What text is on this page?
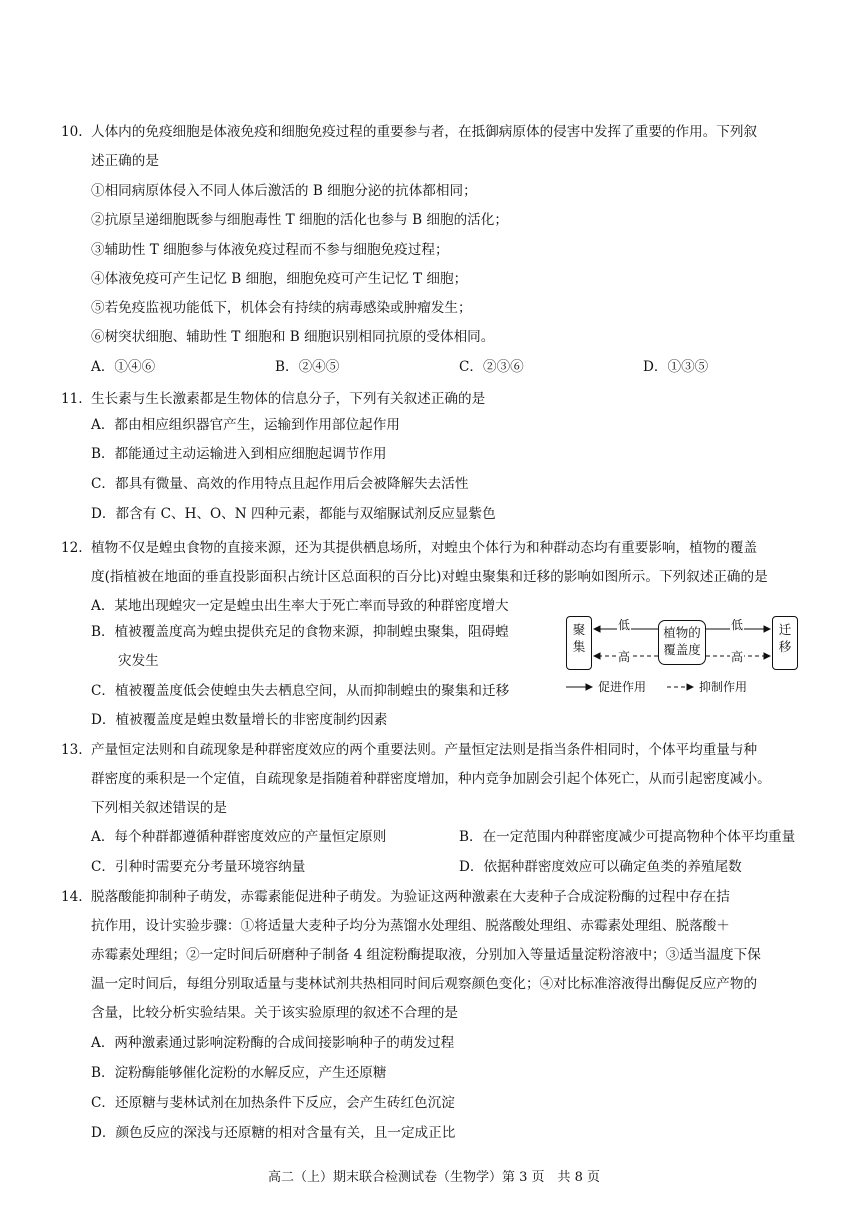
10. 人体内的免疫细胞是体液免疫和细胞免疫过程的重要参与者，在抵御病原体的侵害中发挥了重要的作用。下列叙
述正确的是
①相同病原体侵入不同人体后激活的 B 细胞分泌的抗体都相同；
②抗原呈递细胞既参与细胞毒性 T 细胞的活化也参与 B 细胞的活化；
③辅助性 T 细胞参与体液免疫过程而不参与细胞免疫过程；
④体液免疫可产生记忆 B 细胞，细胞免疫可产生记忆 T 细胞；
⑤若免疫监视功能低下，机体会有持续的病毒感染或肿瘤发生；
⑥树突状细胞、辅助性 T 细胞和 B 细胞识别相同抗原的受体相同。
A．①④⑥	B．②④⑤	C．②③⑥	D．①③⑤
11. 生长素与生长激素都是生物体的信息分子，下列有关叙述正确的是
A．都由相应组织器官产生，运输到作用部位起作用
B．都能通过主动运输进入到相应细胞起调节作用
C．都具有微量、高效的作用特点且起作用后会被降解失去活性
D．都含有 C、H、O、N 四种元素，都能与双缩脲试剂反应显紫色
12. 植物不仅是蝗虫食物的直接来源，还为其提供栖息场所，对蝗虫个体行为和种群动态均有重要影响，植物的覆盖
度(指植被在地面的垂直投影面积占统计区总面积的百分比)对蝗虫聚集和迁移的影响如图所示。下列叙述正确的是
A．某地出现蝗灾一定是蝗虫出生率大于死亡率而导致的种群密度增大
B．植被覆盖度高为蝗虫提供充足的食物来源，抑制蝗虫聚集，阻碍蝗
灾发生
C．植被覆盖度低会使蝗虫失去栖息空间，从而抑制蝗虫的聚集和迁移
D．植被覆盖度是蝗虫数量增长的非密度制约因素
聚
集
植物的
覆盖度
迁
移
低	低
高	高
促进作用	抑制作用
13. 产量恒定法则和自疏现象是种群密度效应的两个重要法则。产量恒定法则是指当条件相同时，个体平均重量与种
群密度的乘积是一个定值，自疏现象是指随着种群密度增加，种内竞争加剧会引起个体死亡，从而引起密度减小。
下列相关叙述错误的是
A．每个种群都遵循种群密度效应的产量恒定原则	B．在一定范围内种群密度减少可提高物种个体平均重量
C．引种时需要充分考量环境容纳量	D．依据种群密度效应可以确定鱼类的养殖尾数
14. 脱落酸能抑制种子萌发，赤霉素能促进种子萌发。为验证这两种激素在大麦种子合成淀粉酶的过程中存在拮
抗作用，设计实验步骤：①将适量大麦种子均分为蒸馏水处理组、脱落酸处理组、赤霉素处理组、脱落酸＋
赤霉素处理组；②一定时间后研磨种子制备 4 组淀粉酶提取液，分别加入等量适量淀粉溶液中；③适当温度下保
温一定时间后，每组分别取适量与斐林试剂共热相同时间后观察颜色变化；④对比标准溶液得出酶促反应产物的
含量，比较分析实验结果。关于该实验原理的叙述不合理的是
A．两种激素通过影响淀粉酶的合成间接影响种子的萌发过程
B．淀粉酶能够催化淀粉的水解反应，产生还原糖
C．还原糖与斐林试剂在加热条件下反应，会产生砖红色沉淀
D．颜色反应的深浅与还原糖的相对含量有关，且一定成正比
高二（上）期末联合检测试卷（生物学）第 3 页　共 8 页
